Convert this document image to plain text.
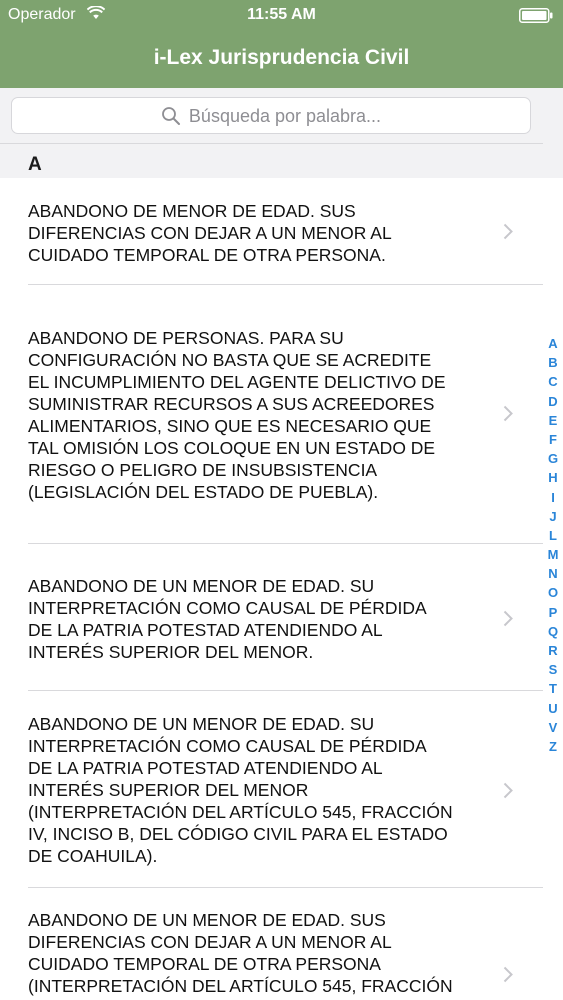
Operador	11:55 AM
i-Lex Jurisprudencia Civil
Búsqueda por palabra...
A
ABANDONO DE MENOR DE EDAD. SUS
DIFERENCIAS CON DEJAR A UN MENOR AL
CUIDADO TEMPORAL DE OTRA PERSONA.
ABANDONO DE PERSONAS. PARA SU
CONFIGURACIÓN NO BASTA QUE SE ACREDITE
EL INCUMPLIMIENTO DEL AGENTE DELICTIVO DE
SUMINISTRAR RECURSOS A SUS ACREEDORES
ALIMENTARIOS, SINO QUE ES NECESARIO QUE
TAL OMISIÓN LOS COLOQUE EN UN ESTADO DE
RIESGO O PELIGRO DE INSUBSISTENCIA
(LEGISLACIÓN DEL ESTADO DE PUEBLA).
ABANDONO DE UN MENOR DE EDAD. SU
INTERPRETACIÓN COMO CAUSAL DE PÉRDIDA
DE LA PATRIA POTESTAD ATENDIENDO AL
INTERÉS SUPERIOR DEL MENOR.
ABANDONO DE UN MENOR DE EDAD. SU
INTERPRETACIÓN COMO CAUSAL DE PÉRDIDA
DE LA PATRIA POTESTAD ATENDIENDO AL
INTERÉS SUPERIOR DEL MENOR
(INTERPRETACIÓN DEL ARTÍCULO 545, FRACCIÓN
IV, INCISO B, DEL CÓDIGO CIVIL PARA EL ESTADO
DE COAHUILA).
ABANDONO DE UN MENOR DE EDAD. SUS
DIFERENCIAS CON DEJAR A UN MENOR AL
CUIDADO TEMPORAL DE OTRA PERSONA
(INTERPRETACIÓN DEL ARTÍCULO 545, FRACCIÓN
A
B
C
D
E
F
G
H
I
J
L
M
N
O
P
Q
R
S
T
U
V
Z
